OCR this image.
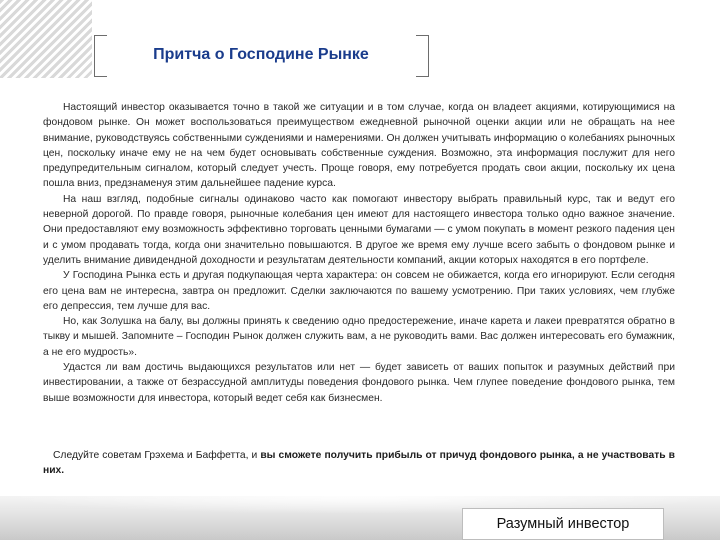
Притча о Господине Рынке

Настоящий инвестор оказывается точно в такой же ситуации и в том случае, когда он владеет акциями, котирующимися на фондовом рынке. Он может воспользоваться преимуществом ежедневной рыночной оценки акции или не обращать на нее внимание, руководствуясь собственными суждениями и намерениями. Он должен учитывать информацию о колебаниях рыночных цен, поскольку иначе ему не на чем будет основывать собственные суждения. Возможно, эта информация послужит для него предупредительным сигналом, который следует учесть. Проще говоря, ему потребуется продать свои акции, поскольку их цена пошла вниз, предзнаменуя этим дальнейшее падение курса.

На наш взгляд, подобные сигналы одинаково часто как помогают инвестору выбрать правильный курс, так и ведут его неверной дорогой. По правде говоря, рыночные колебания цен имеют для настоящего инвестора только одно важное значение. Они предоставляют ему возможность эффективно торговать ценными бумагами — с умом покупать в момент резкого падения цен и с умом продавать тогда, когда они значительно повышаются. В другое же время ему лучше всего забыть о фондовом рынке и уделить внимание дивидендной доходности и результатам деятельности компаний, акции которых находятся в его портфеле.

У Господина Рынка есть и другая подкупающая черта характера: он совсем не обижается, когда его игнорируют. Если сегодня его цена вам не интересна, завтра он предложит. Сделки заключаются по вашему усмотрению. При таких условиях, чем глубже его депрессия, тем лучше для вас.

Но, как Золушка на балу, вы должны принять к сведению одно предостережение, иначе карета и лакеи превратятся обратно в тыкву и мышей. Запомните – Господин Рынок должен служить вам, а не руководить вами. Вас должен интересовать его бумажник, а не его мудрость».

Удастся ли вам достичь выдающихся результатов или нет — будет зависеть от ваших попыток и разумных действий при инвестировании, а также от безрассудной амплитуды поведения фондового рынка. Чем глупее поведение фондового рынка, тем выше возможности для инвестора, который ведет себя как бизнесмен.

Следуйте советам Грэхема и Баффетта, и вы сможете получить прибыль от причуд фондового рынка, а не участвовать в них.
Разумный инвестор
